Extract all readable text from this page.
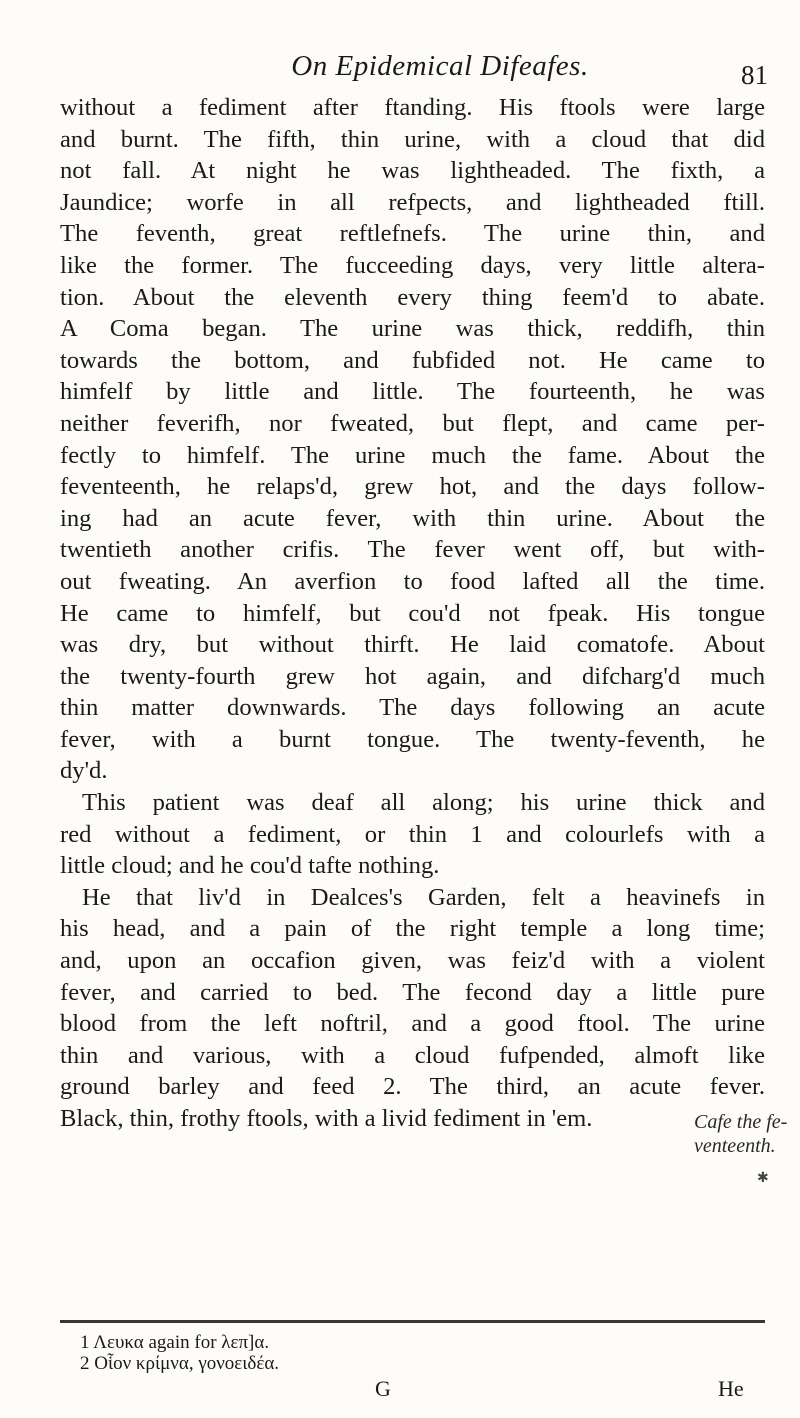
On Epidemical Difeafes.	81
without a fediment after ftanding. His ftools were large
and burnt. The fifth, thin urine, with a cloud that did
not fall. At night he was lightheaded. The fixth, a
Jaundice; worfe in all refpects, and lightheaded ftill.
The feventh, great reftlefnefs. The urine thin, and
like the former. The fucceeding days, very little altera-
tion. About the eleventh every thing feem'd to abate.
A Coma began. The urine was thick, reddifh, thin
towards the bottom, and fubfided not. He came to
himfelf by little and little. The fourteenth, he was
neither feverifh, nor fweated, but flept, and came per-
fectly to himfelf. The urine much the fame. About the
feventeenth, he relaps'd, grew hot, and the days follow-
ing had an acute fever, with thin urine. About the
twentieth another crifis. The fever went off, but with-
out fweating. An averfion to food lafted all the time.
He came to himfelf, but cou'd not fpeak. His tongue
was dry, but without thirft. He laid comatofe. About
the twenty-fourth grew hot again, and difcharg'd much
thin matter downwards. The days following an acute
fever, with a burnt tongue. The twenty-feventh, he
dy'd.
This patient was deaf all along; his urine thick and
red without a fediment, or thin 1 and colourlefs with a
little cloud; and he cou'd tafte nothing.
He that liv'd in Dealces's Garden, felt a heavinefs in
his head, and a pain of the right temple a long time;
and, upon an occafion given, was feiz'd with a violent
fever, and carried to bed. The fecond day a little pure
blood from the left noftril, and a good ftool. The urine
thin and various, with a cloud fufpended, almoft like
ground barley and feed 2. The third, an acute fever.
Black, thin, frothy ftools, with a livid fediment in 'em.	Cafe the fe-
venteenth.
✱
1 Λευκα again for λεπ]α.
2 Οἷον κρίμνα, γονοειδέα.
G	He
